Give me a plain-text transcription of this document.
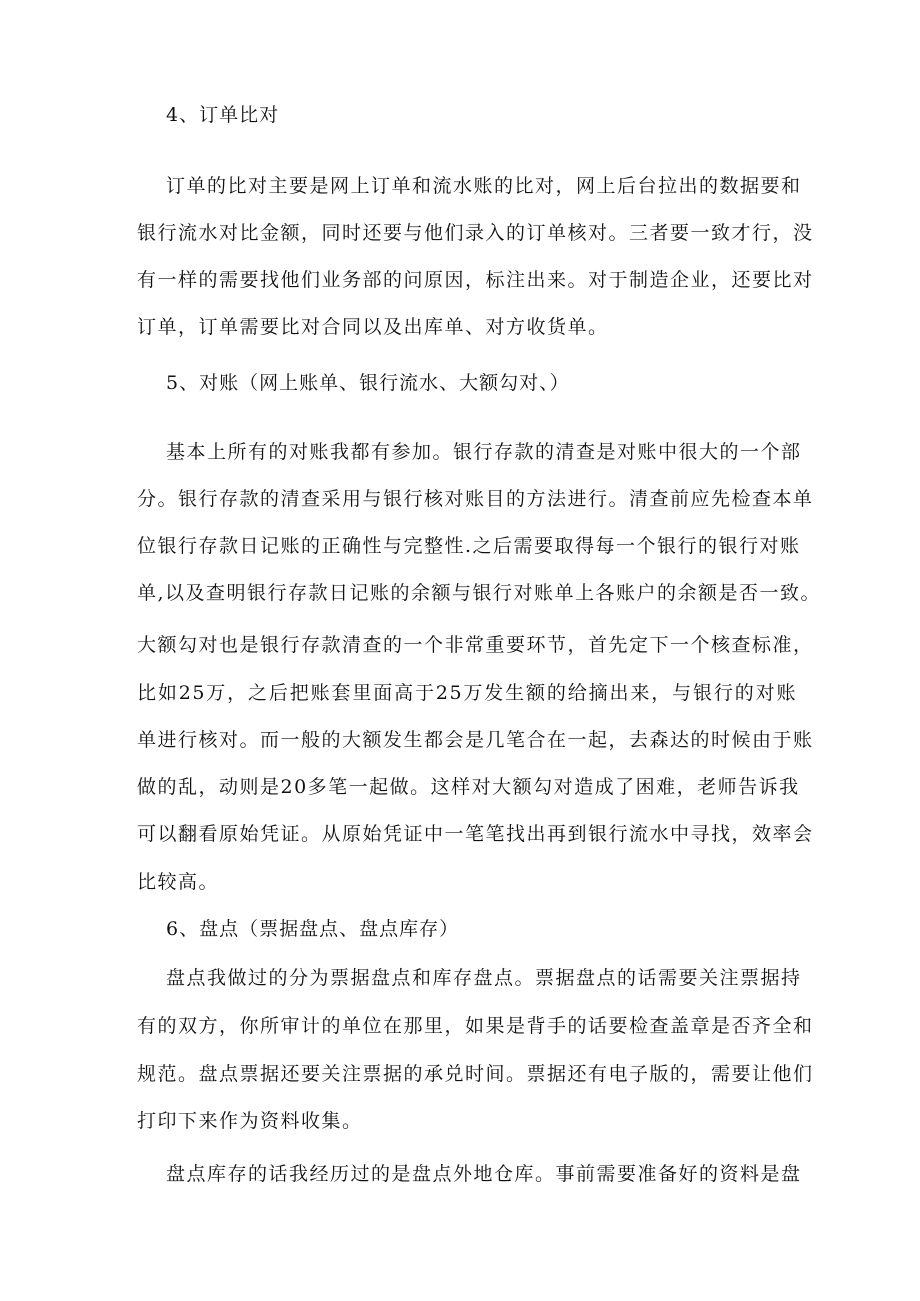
4、订单比对
订单的比对主要是网上订单和流水账的比对，网上后台拉出的数据要和
银行流水对比金额，同时还要与他们录入的订单核对。三者要一致才行，没
有一样的需要找他们业务部的问原因，标注出来。对于制造企业，还要比对
订单，订单需要比对合同以及出库单、对方收货单。
5、对账（网上账单、银行流水、大额勾对、）
基本上所有的对账我都有参加。银行存款的清查是对账中很大的一个部
分。银行存款的清查采用与银行核对账目的方法进行。清查前应先检查本单
位银行存款日记账的正确性与完整性.之后需要取得每一个银行的银行对账
单,以及查明银行存款日记账的余额与银行对账单上各账户的余额是否一致。
大额勾对也是银行存款清查的一个非常重要环节，首先定下一个核查标准，
比如25万，之后把账套里面高于25万发生额的给摘出来，与银行的对账
单进行核对。而一般的大额发生都会是几笔合在一起，去森达的时候由于账
做的乱，动则是20多笔一起做。这样对大额勾对造成了困难，老师告诉我
可以翻看原始凭证。从原始凭证中一笔笔找出再到银行流水中寻找，效率会
比较高。
6、盘点（票据盘点、盘点库存）
盘点我做过的分为票据盘点和库存盘点。票据盘点的话需要关注票据持
有的双方，你所审计的单位在那里，如果是背手的话要检查盖章是否齐全和
规范。盘点票据还要关注票据的承兑时间。票据还有电子版的，需要让他们
打印下来作为资料收集。
盘点库存的话我经历过的是盘点外地仓库。事前需要准备好的资料是盘
